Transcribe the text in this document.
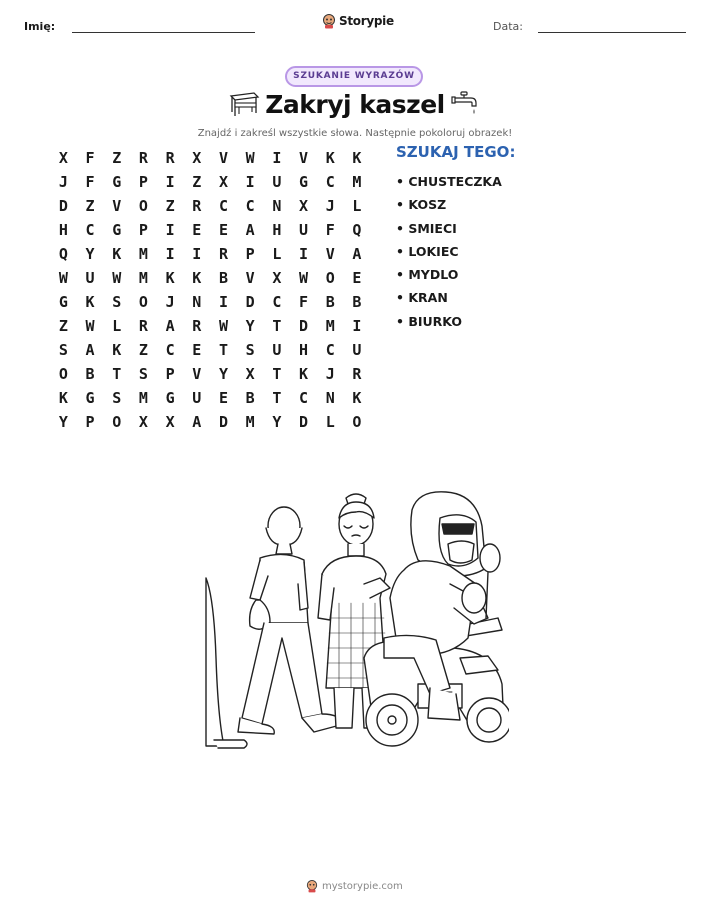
Imię:	Storypie	Data:
SZUKANIE WYRAZÓW
Zakryj kaszel
Znajdź i zakreśl wszystkie słowa. Następnie pokoloruj obrazek!
X F Z R R X V W I V K K
J F G P I Z X I U G C M
D Z V O Z R C C N X J L
H C G P I E E A H U F Q
Q Y K M I I R P L I V A
W U W M K K B V X W O E
G K S O J N I D C F B B
Z W L R A R W Y T D M I
S A K Z C E T S U H C U
O B T S P V Y X T K J R
K G S M G U E B T C N K
Y P O X X A D M Y D L O
SZUKAJ TEGO:
• CHUSTECZKA
• KOSZ
• SMIECI
• LOKIEC
• MYDLO
• KRAN
• BIURKO
mystorypie.com
